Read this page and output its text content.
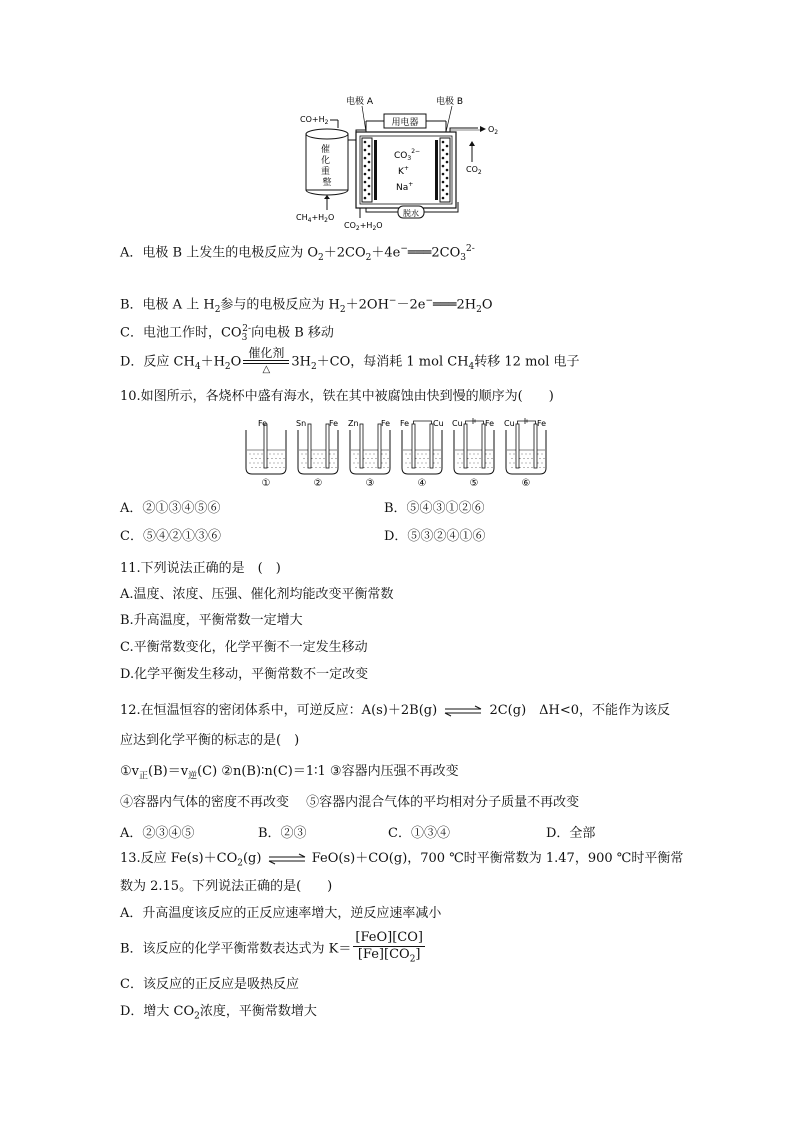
催 化 重 整
$CO+H_2$
$CH_4+H_2O$
电极 A	电极 B
用电器
$CO_3^{2-}$
K+
Na+
$O_2$
$CO_2$
脱水
$CO_2+H_2O$
A．电极 B 上发生的电极反应为 $O_2+2CO_2+4e^-═══2CO_3^{2-}$
B．电极 A 上 $H_2$参与的电极反应为 $H_2+2OH^--2e^-═══2H_2O$
C．电池工作时，$CO_3^{2-}$向电极 B 移动
D．反应 $CH_4+H_2O$
催化剂
△
$3H_2+CO$，每消耗 1 mol $CH_4$转移 12 mol 电子
10.如图所示，各烧杯中盛有海水，铁在其中被腐蚀由快到慢的顺序为(　　)
Fe
①
Sn	Fe
②
Zn	Fe
③
Fe	Cu
④
Cu	Fe
⑤
Cu	Fe
⑥
A．②①③④⑤⑥	B．⑤④③①②⑥
C．⑤④②①③⑥	D．⑤③②④①⑥
11.下列说法正确的是　(　)
A.温度、浓度、压强、催化剂均能改变平衡常数
B.升高温度，平衡常数一定增大
C.平衡常数变化，化学平衡不一定发生移动
D.化学平衡发生移动，平衡常数不一定改变
12.在恒温恒容的密闭体系中，可逆反应：A(s)＋2B(g) ⇌ 2C(g)　ΔH<0，不能作为该反
应达到化学平衡的标志的是(　)
$①v_正(B)=v_逆(C)$ ②n(B)∶n(C)＝1∶1 ③容器内压强不再改变
④容器内气体的密度不再改变　 ⑤容器内混合气体的平均相对分子质量不再改变
A．②③④⑤	B．②③	C．①③④	D．全部
13.反应 $Fe(s)+CO_2(g)$ ⇌ FeO(s)＋CO(g)，700 ℃时平衡常数为 1.47，900 ℃时平衡常
数为 2.15。下列说法正确的是(　　)
A．升高温度该反应的正反应速率增大，逆反应速率减小
B．该反应的化学平衡常数表达式为 $K= \frac{\text{[FeO][CO]}}{[Fe][CO_2]}$
C．该反应的正反应是吸热反应
D．增大 $CO_2$浓度，平衡常数增大
